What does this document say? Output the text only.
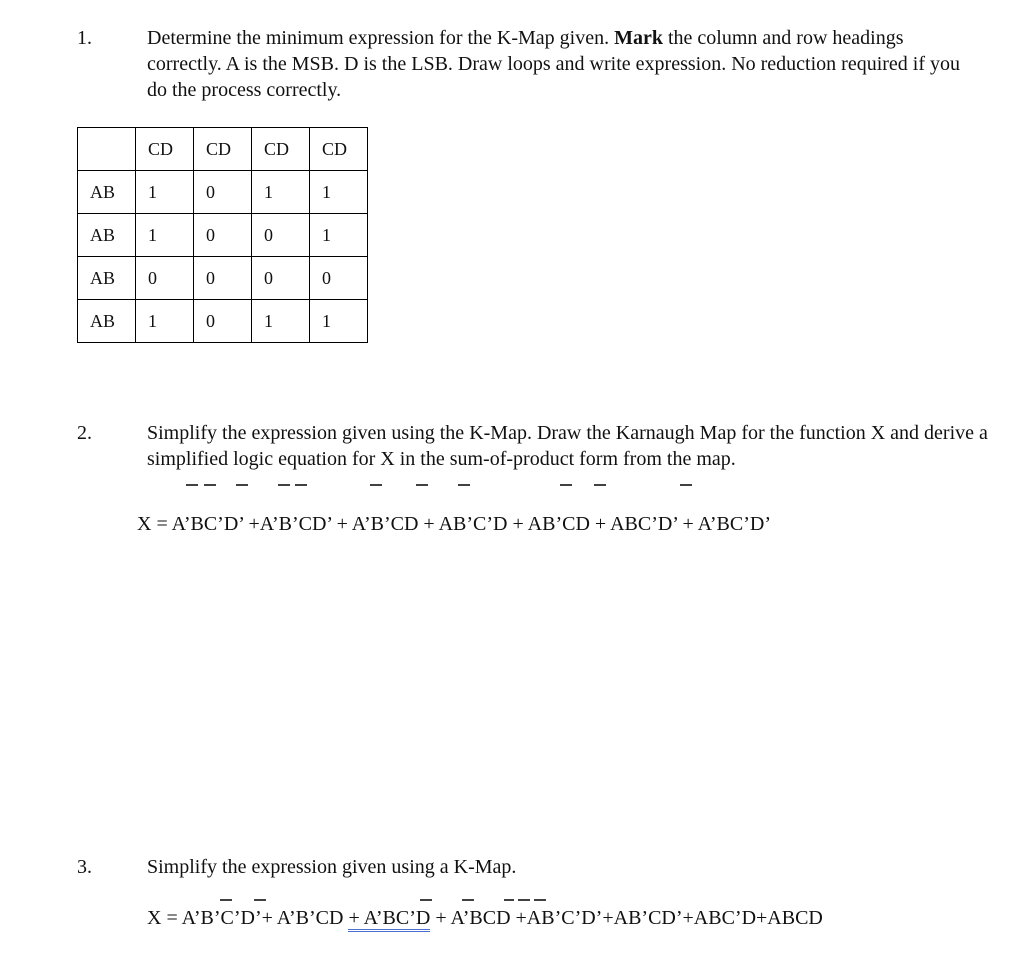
1.	Determine the minimum expression for the K-Map given. Mark the column and row headings correctly. A is the MSB. D is the LSB. Draw loops and write expression. No reduction required if you do the process correctly.

	CD	CD	CD	CD
AB	1	0	1	1
AB	1	0	0	1
AB	0	0	0	0
AB	1	0	1	1
2.	Simplify the expression given using the K-Map. Draw the Karnaugh Map for the function X and derive a simplified logic equation for X in the sum-of-product form from the map.

X = A’BC’D’ +A’B’CD’ + A’B’CD + AB’C’D + AB’CD + ABC’D’ + A’BC’D’
3.	Simplify the expression given using a K-Map.

X = A’B’C’D’+ A’B’CD + A’BC’D + A’BCD +AB’C’D’+AB’CD’+ABC’D+ABCD
